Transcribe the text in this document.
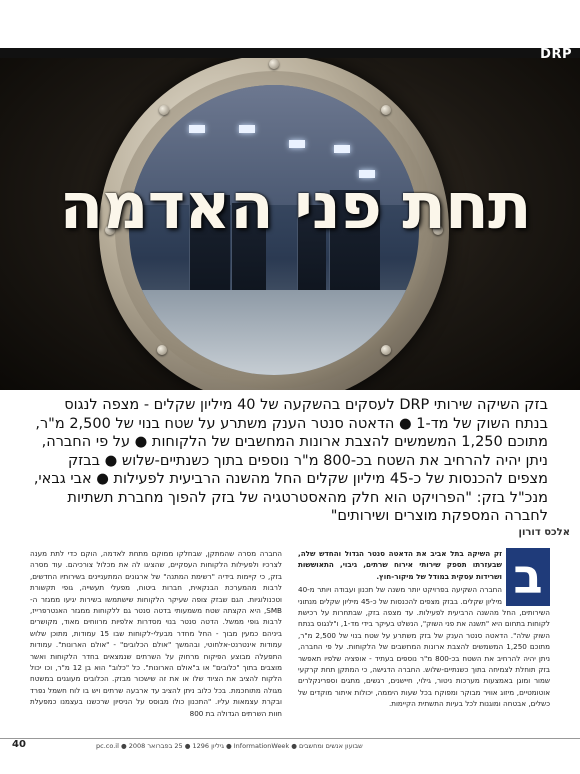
DRP
תחת פני האדמה
בזק השיקה שירותי DRP לעסקים בהשקעה של 40 מיליון שקלים - מצפה לנגוס בנתח השוק של מד-1 ● הדאטה סנטר הענק משתרע על שטח בנוי של 2,500 מ"ר, מתוכם 1,250 המשמשים להצבת ארונות המחשבים של הלקוחות ● על פי החברה, ניתן יהיה להרחיב את השטח בכ-800 מ"ר נוספים בתוך כשנתיים-שלוש ● בבזק מצפים להכנסות של כ-45 מיליון שקלים החל מהשנה הרביעית לפעילות ● אבי גבאי, מנכ"ל בזק: "הפרויקט הוא חלק מהאסטרטגיה של בזק להפוך מחברת תשתיות לחברה המספקת מוצרים ושירותים"
אלכס דורון
ב

זק השיקה בתל אביב את הדאטה סנטר הגדול והחדש שלה, שבעזרתו תספק שירותי אירוח שרתים, גיבוי, התאוששות ושרידות עסקית במודל של מיקור-חוץ.

החברה השקיעה בפרויקט יותר משנה של תכנון ועבודה ויותר מ-40 מיליון שקלים. בבזק מצפים להכנסות של כ-45 מיליון שקלים מנתוני השירותים, החל מהשנה הרביעית לפעילות. עד מצפה בזק, שבתחרות על רכישת לקוחות בתחום היא "תשנה את פני השוק", הנשלט בעיקר בידי מד-1, ו"לנגוס בנתח השוק שלה". הדאטה סנטר הענק של בזק משתרע על שטח בנוי של 2,500 מ"ר, מתוכם 1,250 המשמשים להצבת ארונות המחשבים של הלקוחות. על פי החברה, ניתן יהיה להרחיב את השטח בכ-800 מ"ר נוספים בעתיד - אופציה שלפיו תאפשר בזק תוחלת לצמיחה בתוך כשנתיים-שלוש. החברה הדגישה, כי המתקן תחת קרקעי שמור ומוגן באמצעות מערכות ניטור, גילוי, חיישנים, רגשים, מתגים וספרינקלרים אוטומטיים, מיזוג אוויר מבוקר ומפוקח בכל שעות היממה, יכולות איתור מוקדים של כשלים, אבטחה ומוגנות לכל בעיות התשתית הקיימות.

החברה מסרה שהמתקן, שבחלקו ממוקם מתחת לאדמה, הוקם כדי לתת מענה לצרכיו ולפעילות הלקוחות העסקיים, שהציגו לה את מכלול צורכיהם. עוד מסרה בזק, כי קיימות בידיה "רשימת המתנה" של ארגונים המתעניינים בשירותיו החדשים, לרבות מהמערכת הבנקאית, חברות ביטוח, מפעלי תעשייה, גופי תקשורת וטכנולוגיות. הגם שבזק צופה שעיקר הלקוחות שישתמשו בשירות יגיעו ממגזר ה-SMB, היא הקצתה שטח משמעותי בדטה סנטר גם ללקוחות ממגזר האנטרפרייז, לרבות גופי ממשל. הדטה סנטר בנוי מסדרות אלפיות מרווחים מאוד, מקושרים ביניהם כמעין מבוך - החל מחדר מבעלי-לקוחות שבו 15 עמודות, מתוכן שלוש עמודות אינטרנט-אלחוטי, ובהמשך "אולם הכלובים" - "אולם הארונות". עמודות התפעלה מבוצע הפיקוח מרחוק על השרתים שנמצאים בחדר הלקוחות ואשר מוצבים בתוך "כלובים" או ב"אולם הארונות". כל "כלוב" הוא בן 12 מ"ר, וכו יכול הלקוח להציב את הציוד שלו או את זה שישכור מבזק. הכלובים מעוגנים במשטח מגולה מתוחכמת. בכל כלוב ניתן להציב עד ארבעה שרתים ויש בו לוח חשמל נפרד ובקרת עצמאות עליו. "התכנון כולו מבוסס על הניסיון שרכשנו בעצמנו כמפעלת חוות השרתים הגדולה בת 800

40	שבועון אנשים ומחשבים ● InformationWeek ● גיליון 1296 ● 25 בפברואר 2008 ● pc.co.il
